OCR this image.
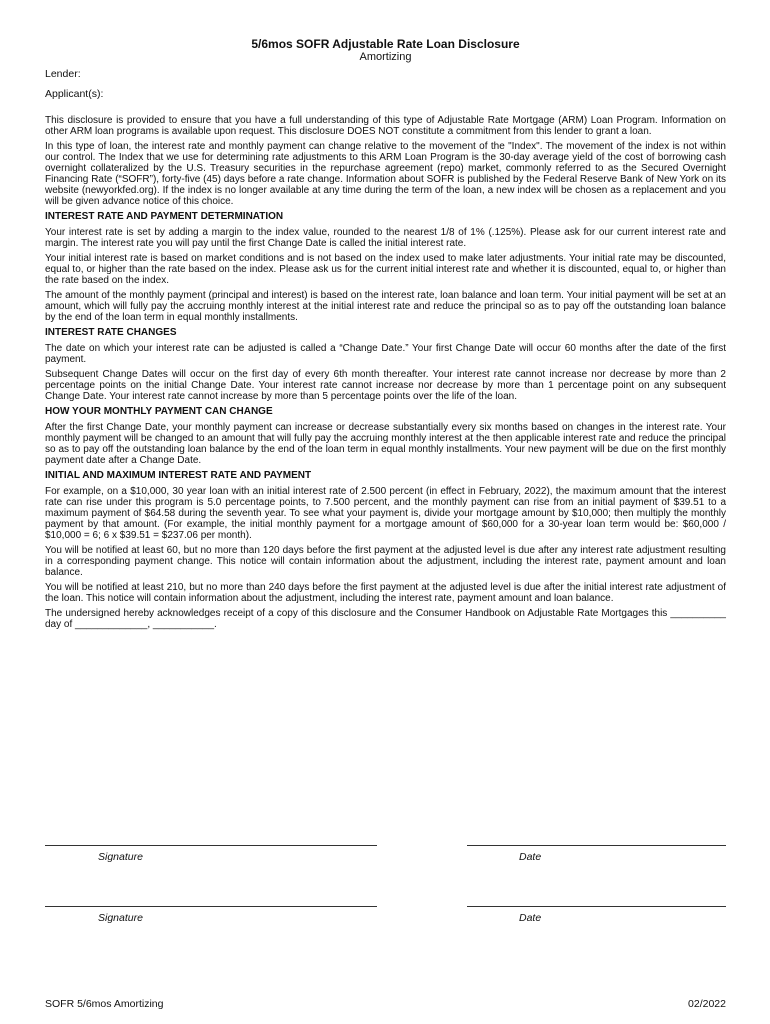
5/6mos SOFR Adjustable Rate Loan Disclosure
Amortizing
Lender:
Applicant(s):

This disclosure is provided to ensure that you have a full understanding of this type of Adjustable Rate Mortgage (ARM) Loan Program. Information on other ARM loan programs is available upon request. This disclosure DOES NOT constitute a commitment from this lender to grant a loan.

In this type of loan, the interest rate and monthly payment can change relative to the movement of the "Index". The movement of the index is not within our control. The Index that we use for determining rate adjustments to this ARM Loan Program is the 30-day average yield of the cost of borrowing cash overnight collateralized by the U.S. Treasury securities in the repurchase agreement (repo) market, commonly referred to as the Secured Overnight Financing Rate (“SOFR”), forty-five (45) days before a rate change. Information about SOFR is published by the Federal Reserve Bank of New York on its website (newyorkfed.org). If the index is no longer available at any time during the term of the loan, a new index will be chosen as a replacement and you will be given advance notice of this choice.

INTEREST RATE AND PAYMENT DETERMINATION

Your interest rate is set by adding a margin to the index value, rounded to the nearest 1/8 of 1% (.125%). Please ask for our current interest rate and margin. The interest rate you will pay until the first Change Date is called the initial interest rate.

Your initial interest rate is based on market conditions and is not based on the index used to make later adjustments. Your initial rate may be discounted, equal to, or higher than the rate based on the index. Please ask us for the current initial interest rate and whether it is discounted, equal to, or higher than the rate based on the index.

The amount of the monthly payment (principal and interest) is based on the interest rate, loan balance and loan term. Your initial payment will be set at an amount, which will fully pay the accruing monthly interest at the initial interest rate and reduce the principal so as to pay off the outstanding loan balance by the end of the loan term in equal monthly installments.

INTEREST RATE CHANGES

The date on which your interest rate can be adjusted is called a “Change Date.” Your first Change Date will occur 60 months after the date of the first payment.

Subsequent Change Dates will occur on the first day of every 6th month thereafter. Your interest rate cannot increase nor decrease by more than 2 percentage points on the initial Change Date. Your interest rate cannot increase nor decrease by more than 1 percentage point on any subsequent Change Date. Your interest rate cannot increase by more than 5 percentage points over the life of the loan.

HOW YOUR MONTHLY PAYMENT CAN CHANGE

After the first Change Date, your monthly payment can increase or decrease substantially every six months based on changes in the interest rate. Your monthly payment will be changed to an amount that will fully pay the accruing monthly interest at the then applicable interest rate and reduce the principal so as to pay off the outstanding loan balance by the end of the loan term in equal monthly installments. Your new payment will be due on the first monthly payment date after a Change Date.

INITIAL AND MAXIMUM INTEREST RATE AND PAYMENT

For example, on a $10,000, 30 year loan with an initial interest rate of 2.500 percent (in effect in February, 2022), the maximum amount that the interest rate can rise under this program is 5.0 percentage points, to 7.500 percent, and the monthly payment can rise from an initial payment of $39.51 to a maximum payment of $64.58 during the seventh year. To see what your payment is, divide your mortgage amount by $10,000; then multiply the monthly payment by that amount. (For example, the initial monthly payment for a mortgage amount of $60,000 for a 30-year loan term would be: $60,000 / $10,000 = 6; 6 x $39.51 = $237.06 per month).

You will be notified at least 60, but no more than 120 days before the first payment at the adjusted level is due after any interest rate adjustment resulting in a corresponding payment change. This notice will contain information about the adjustment, including the interest rate, payment amount and loan balance.

You will be notified at least 210, but no more than 240 days before the first payment at the adjusted level is due after the initial interest rate adjustment of the loan. This notice will contain information about the adjustment, including the interest rate, payment amount and loan balance.

The undersigned hereby acknowledges receipt of a copy of this disclosure and the Consumer Handbook on Adjustable Rate Mortgages this __________ day of _____________, ___________.

Signature	Date
Signature	Date
SOFR 5/6mos Amortizing	02/2022
